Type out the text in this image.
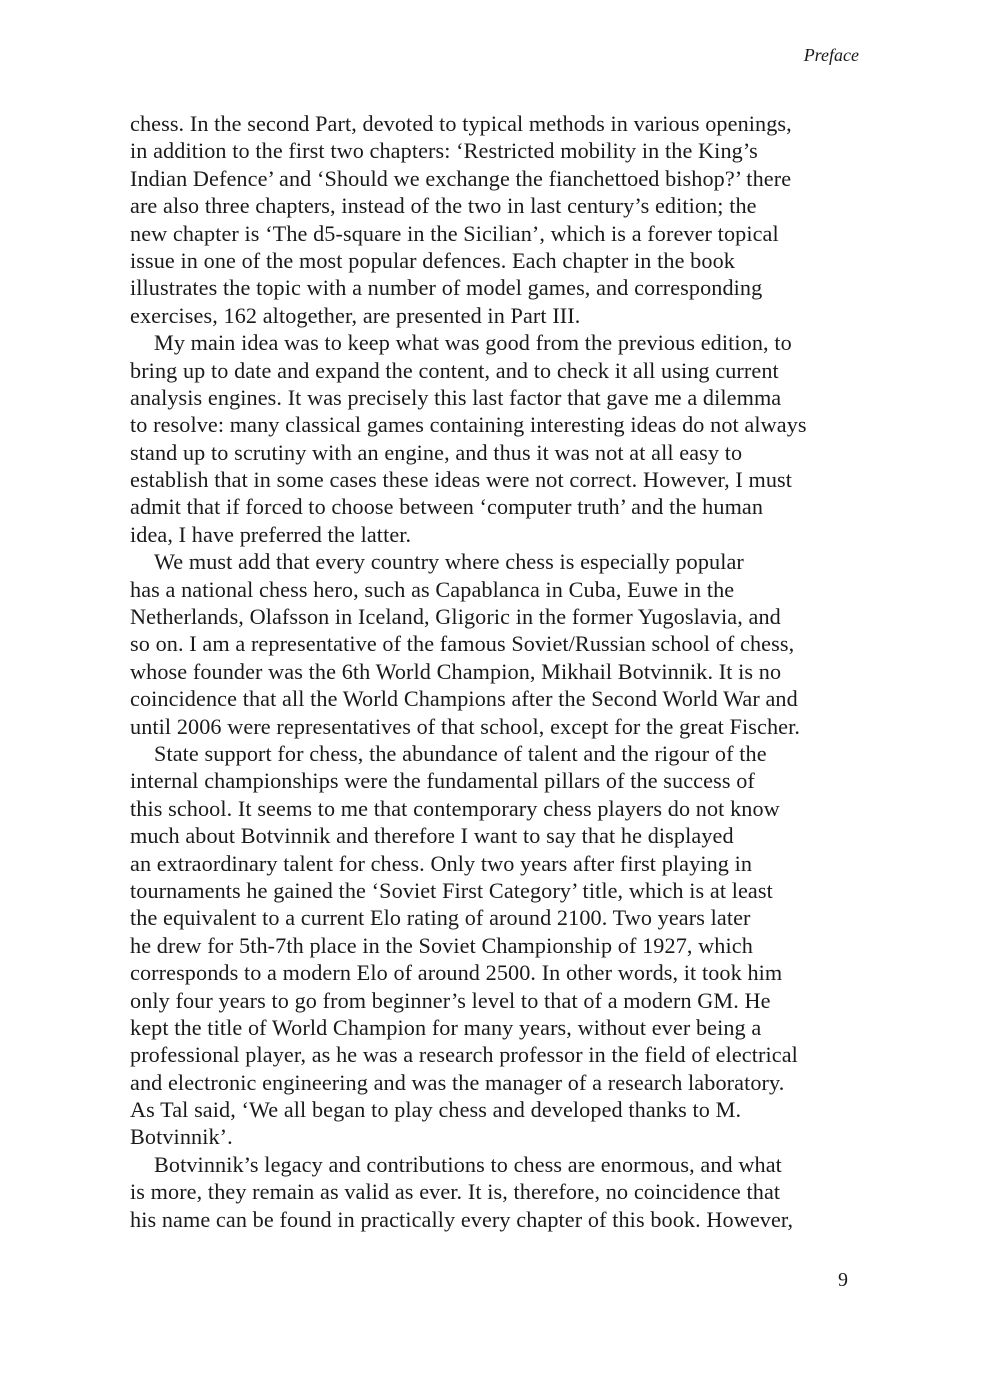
Preface
chess. In the second Part, devoted to typical methods in various openings,
in addition to the first two chapters: ‘Restricted mobility in the King’s
Indian Defence’ and ‘Should we exchange the fianchettoed bishop?’ there
are also three chapters, instead of the two in last century’s edition; the
new chapter is ‘The d5-square in the Sicilian’, which is a forever topical
issue in one of the most popular defences. Each chapter in the book
illustrates the topic with a number of model games, and corresponding
exercises, 162 altogether, are presented in Part III.
My main idea was to keep what was good from the previous edition, to
bring up to date and expand the content, and to check it all using current
analysis engines. It was precisely this last factor that gave me a dilemma
to resolve: many classical games containing interesting ideas do not always
stand up to scrutiny with an engine, and thus it was not at all easy to
establish that in some cases these ideas were not correct. However, I must
admit that if forced to choose between ‘computer truth’ and the human
idea, I have preferred the latter.
We must add that every country where chess is especially popular
has a national chess hero, such as Capablanca in Cuba, Euwe in the
Netherlands, Olafsson in Iceland, Gligoric in the former Yugoslavia, and
so on. I am a representative of the famous Soviet/Russian school of chess,
whose founder was the 6th World Champion, Mikhail Botvinnik. It is no
coincidence that all the World Champions after the Second World War and
until 2006 were representatives of that school, except for the great Fischer.
State support for chess, the abundance of talent and the rigour of the
internal championships were the fundamental pillars of the success of
this school. It seems to me that contemporary chess players do not know
much about Botvinnik and therefore I want to say that he displayed
an extraordinary talent for chess. Only two years after first playing in
tournaments he gained the ‘Soviet First Category’ title, which is at least
the equivalent to a current Elo rating of around 2100. Two years later
he drew for 5th-7th place in the Soviet Championship of 1927, which
corresponds to a modern Elo of around 2500. In other words, it took him
only four years to go from beginner’s level to that of a modern GM. He
kept the title of World Champion for many years, without ever being a
professional player, as he was a research professor in the field of electrical
and electronic engineering and was the manager of a research laboratory.
As Tal said, ‘We all began to play chess and developed thanks to M.
Botvinnik’.
Botvinnik’s legacy and contributions to chess are enormous, and what
is more, they remain as valid as ever. It is, therefore, no coincidence that
his name can be found in practically every chapter of this book. However,
9
